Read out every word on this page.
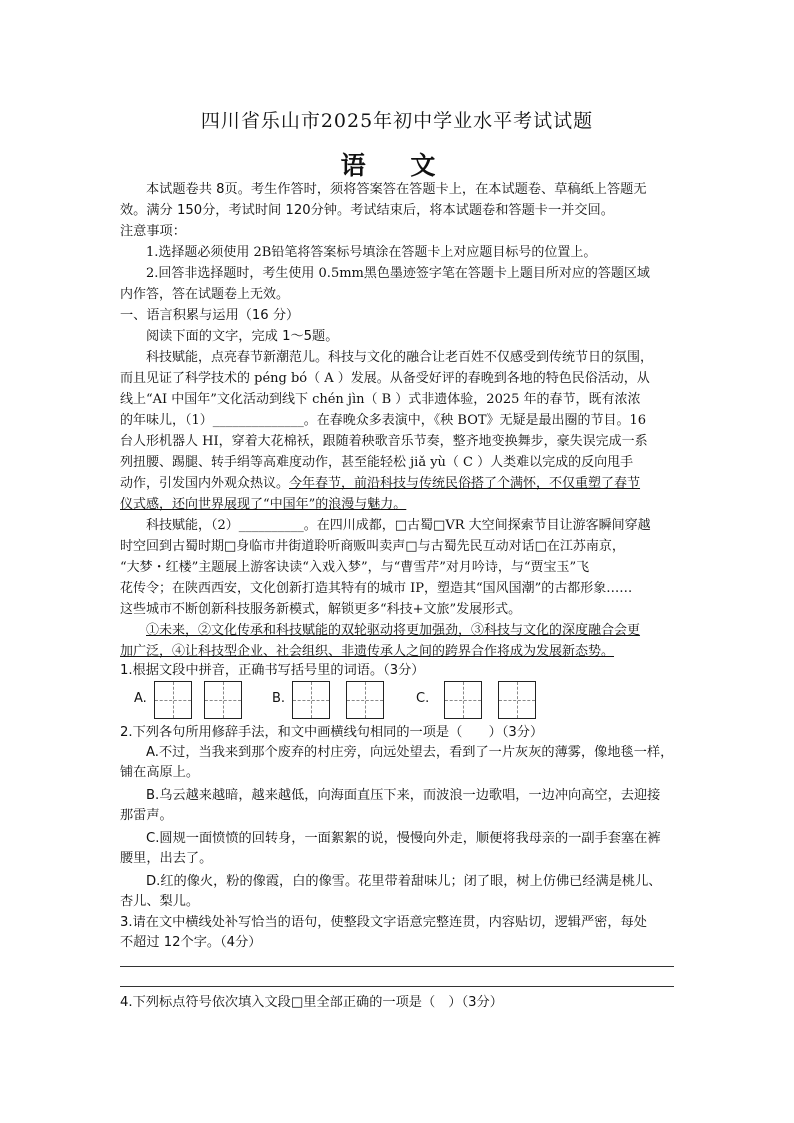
四川省乐山市2025年初中学业水平考试试题
语 文
本试题卷共 8页。考生作答时，须将答案答在答题卡上，在本试题卷、草稿纸上答题无
效。满分 150分，考试时间 120分钟。考试结束后，将本试题卷和答题卡一并交回。
注意事项：
1.选择题必须使用 2B铅笔将答案标号填涂在答题卡上对应题目标号的位置上。
2.回答非选择题时，考生使用 0.5mm黑色墨迹签字笔在答题卡上题目所对应的答题区域
内作答，答在试题卷上无效。
一、语言积累与运用（16 分）
阅读下面的文字，完成 1～5题。
科技赋能，点亮春节新潮范儿。科技与文化的融合让老百姓不仅感受到传统节日的氛围，
而且见证了科学技术的 péng bó（ A ）发展。从备受好评的春晚到各地的特色民俗活动，从
线上“AI 中国年”文化活动到线下 chén jìn（ B ）式非遗体验，2025 年的春节，既有浓浓
的年味儿，（1）______________。在春晚众多表演中，《秧 BOT》无疑是最出圈的节目。16
台人形机器人 HI，穿着大花棉袄，跟随着秧歌音乐节奏，整齐地变换舞步，豪失误完成一系
列扭腰、踢腿、转手绢等高难度动作，甚至能轻松 jiǎ yù（ C ）人类难以完成的反向甩手
动作，引发国内外观众热议。今年春节，前沿科技与传统民俗搭了个满怀，不仅重塑了春节
仪式感，还向世界展现了“中国年”的浪漫与魅力。
科技赋能，（2）__________。在四川成都，□古蜀□VR 大空间探索节目让游客瞬间穿越
时空回到古蜀时期□身临市井街道聆听商贩叫卖声□与古蜀先民互动对话□在江苏南京，
“大梦・红楼”主题展上游客诀读“入戏入梦”，与“曹雪芹”对月吟诗，与“贾宝玉”飞
花传令；在陕西西安，文化创新打造其特有的城市 IP，塑造其“国风国潮”的古都形象……
这些城市不断创新科技服务新模式，解锁更多“科技+文旅”发展形式。
①未来，②文化传承和科技赋能的双轮驱动将更加强劲，③科技与文化的深度融合会更
加广泛，④让科技型企业、社会组织、非遗传承人之间的跨界合作将成为发展新态势。
1.根据文段中拼音，正确书写括号里的词语。（3分）
A.	B.	C.
2.下列各句所用修辞手法，和文中画横线句相同的一项是（　　）（3分）
A.不过，当我来到那个废弃的村庄旁，向远处望去，看到了一片灰灰的薄雾，像地毯一样，
铺在高原上。
B.乌云越来越暗，越来越低，向海面直压下来，而波浪一边歌唱，一边冲向高空，去迎接
那雷声。
C.圆规一面愤愤的回转身，一面絮絮的说，慢慢向外走，顺便将我母亲的一副手套塞在裤
腰里，出去了。
D.红的像火，粉的像霞，白的像雪。花里带着甜味儿；闭了眼，树上仿佛已经满是桃儿、
杏儿、梨儿。
3.请在文中横线处补写恰当的语句，使整段文字语意完整连贯，内容贴切，逻辑严密，每处
不超过 12个字。（4分）
4.下列标点符号依次填入文段□里全部正确的一项是（　）（3分）
